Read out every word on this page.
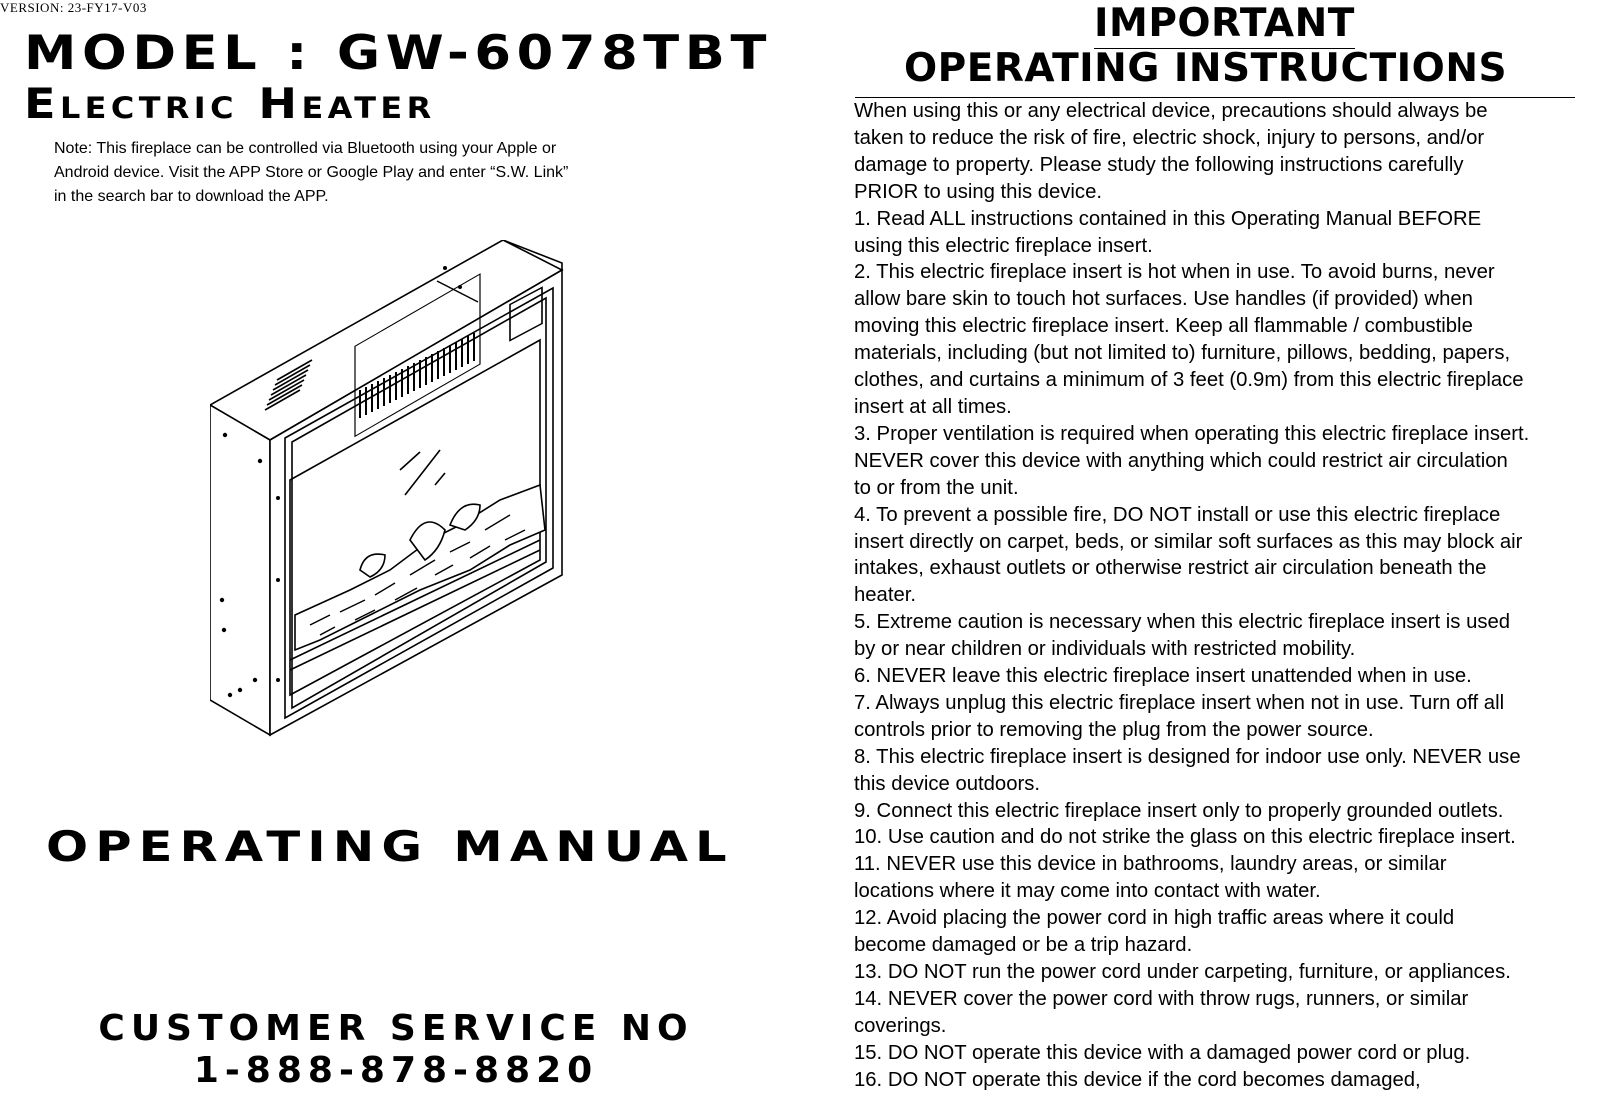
VERSION: 23-FY17-V03
MODEL : GW-6078TBT
Electric Heater
Note: This fireplace can be controlled via Bluetooth using your Apple or
Android device. Visit the APP Store or Google Play and enter “S.W. Link”
in the search bar to download the APP.
OPERATING MANUAL
CUSTOMER SERVICE NO
1-888-878-8820
IMPORTANT
OPERATING INSTRUCTIONS
When using this or any electrical device, precautions should always be
taken to reduce the risk of fire, electric shock, injury to persons, and/or
damage to property. Please study the following instructions carefully
PRIOR to using this device.
1. Read ALL instructions contained in this Operating Manual BEFORE
using this electric fireplace insert.
2. This electric fireplace insert is hot when in use. To avoid burns, never
allow bare skin to touch hot surfaces. Use handles (if provided) when
moving this electric fireplace insert. Keep all flammable / combustible
materials, including (but not limited to) furniture, pillows, bedding, papers,
clothes, and curtains a minimum of 3 feet (0.9m) from this electric fireplace
insert at all times.
3. Proper ventilation is required when operating this electric fireplace insert.
NEVER cover this device with anything which could restrict air circulation
to or from the unit.
4. To prevent a possible fire, DO NOT install or use this electric fireplace
insert directly on carpet, beds, or similar soft surfaces as this may block air
intakes, exhaust outlets or otherwise restrict air circulation beneath the
heater.
5. Extreme caution is necessary when this electric fireplace insert is used
by or near children or individuals with restricted mobility.
6. NEVER leave this electric fireplace insert unattended when in use.
7. Always unplug this electric fireplace insert when not in use. Turn off all
controls prior to removing the plug from the power source.
8. This electric fireplace insert is designed for indoor use only. NEVER use
this device outdoors.
9. Connect this electric fireplace insert only to properly grounded outlets.
10. Use caution and do not strike the glass on this electric fireplace insert.
11. NEVER use this device in bathrooms, laundry areas, or similar
locations where it may come into contact with water.
12. Avoid placing the power cord in high traffic areas where it could
become damaged or be a trip hazard.
13. DO NOT run the power cord under carpeting, furniture, or appliances.
14. NEVER cover the power cord with throw rugs, runners, or similar
coverings.
15. DO NOT operate this device with a damaged power cord or plug.
16. DO NOT operate this device if the cord becomes damaged,
